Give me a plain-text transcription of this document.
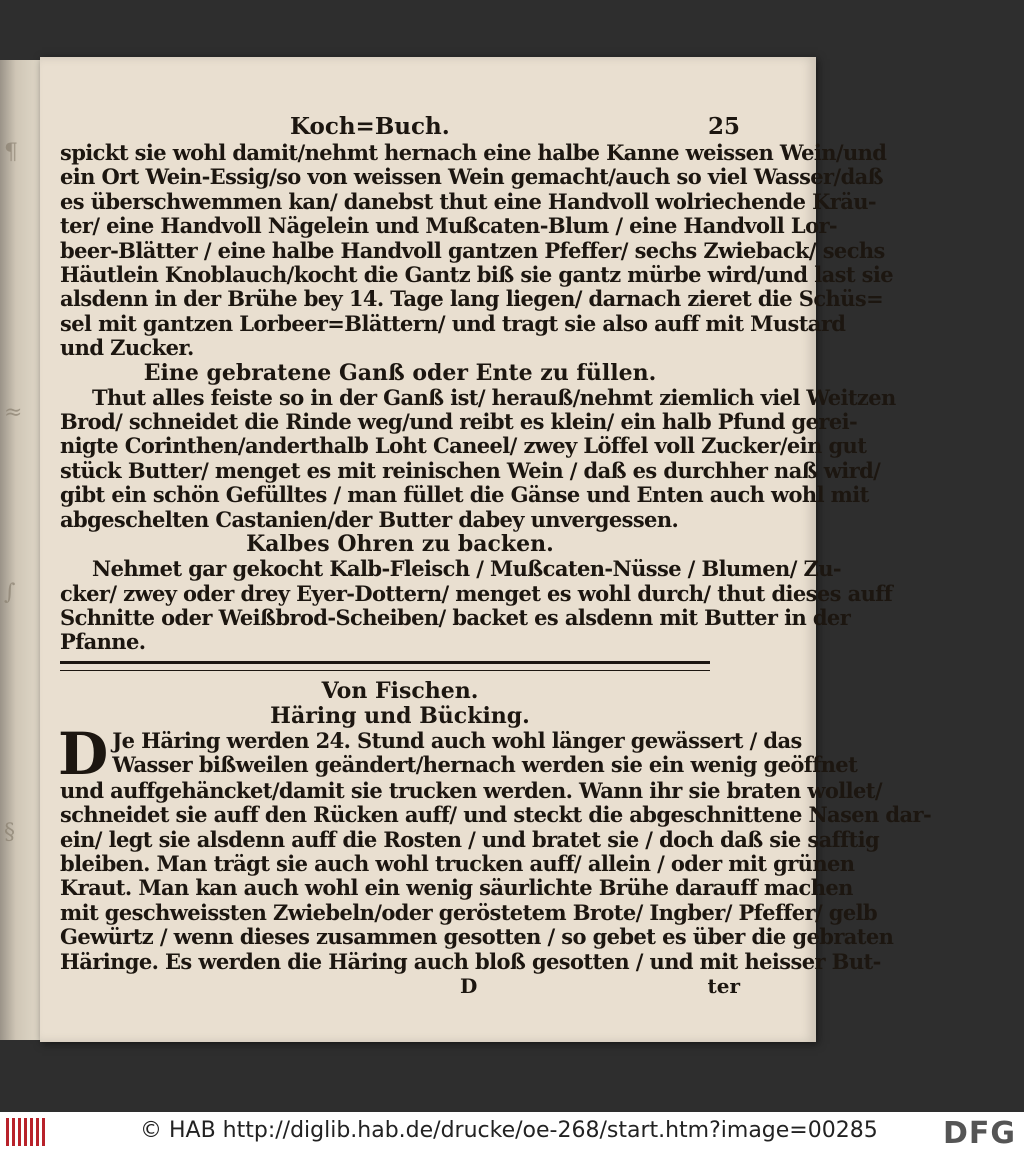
¶
≈
∫
§
Koch=Buch.	25
spickt sie wohl damit/nehmt hernach eine halbe Kanne weissen Wein/und
ein Ort Wein-Essig/so von weissen Wein gemacht/auch so viel Wasser/daß
es überschwemmen kan/ danebst thut eine Handvoll wolriechende Kräu-
ter/ eine Handvoll Nägelein und Mußcaten-Blum / eine Handvoll Lor-
beer-Blätter / eine halbe Handvoll gantzen Pfeffer/ sechs Zwieback/ sechs
Häutlein Knoblauch/kocht die Gantz biß sie gantz mürbe wird/und last sie
alsdenn in der Brühe bey 14. Tage lang liegen/ darnach zieret die Schüs=
sel mit gantzen Lorbeer=Blättern/ und tragt sie also auff mit Mustard
und Zucker.
Eine gebratene Ganß oder Ente zu füllen.
Thut alles feiste so in der Ganß ist/ herauß/nehmt ziemlich viel Weitzen
Brod/ schneidet die Rinde weg/und reibt es klein/ ein halb Pfund gerei-
nigte Corinthen/anderthalb Loht Caneel/ zwey Löffel voll Zucker/ein gut
stück Butter/ menget es mit reinischen Wein / daß es durchher naß wird/
gibt ein schön Gefülltes / man füllet die Gänse und Enten auch wohl mit
abgeschelten Castanien/der Butter dabey unvergessen.
Kalbes Ohren zu backen.
Nehmet gar gekocht Kalb-Fleisch / Mußcaten-Nüsse / Blumen/ Zu-
cker/ zwey oder drey Eyer-Dottern/ menget es wohl durch/ thut dieses auff
Schnitte oder Weißbrod-Scheiben/ backet es alsdenn mit Butter in der
Pfanne.
Von Fischen.
Häring und Bücking.
D Je Häring werden 24. Stund auch wohl länger gewässert / das
Wasser bißweilen geändert/hernach werden sie ein wenig geöffnet
und auffgehäncket/damit sie trucken werden. Wann ihr sie braten wollet/
schneidet sie auff den Rücken auff/ und steckt die abgeschnittene Nasen dar-
ein/ legt sie alsdenn auff die Rosten / und bratet sie / doch daß sie safftig
bleiben. Man trägt sie auch wohl trucken auff/ allein / oder mit grünen
Kraut. Man kan auch wohl ein wenig säurlichte Brühe darauff machen
mit geschweissten Zwiebeln/oder geröstetem Brote/ Ingber/ Pfeffer/ gelb
Gewürtz / wenn dieses zusammen gesotten / so gebet es über die gebraten
Häringe. Es werden die Häring auch bloß gesotten / und mit heisser But-
D	ter
© HAB http://diglib.hab.de/drucke/oe-268/start.htm?image=00285 DFG
